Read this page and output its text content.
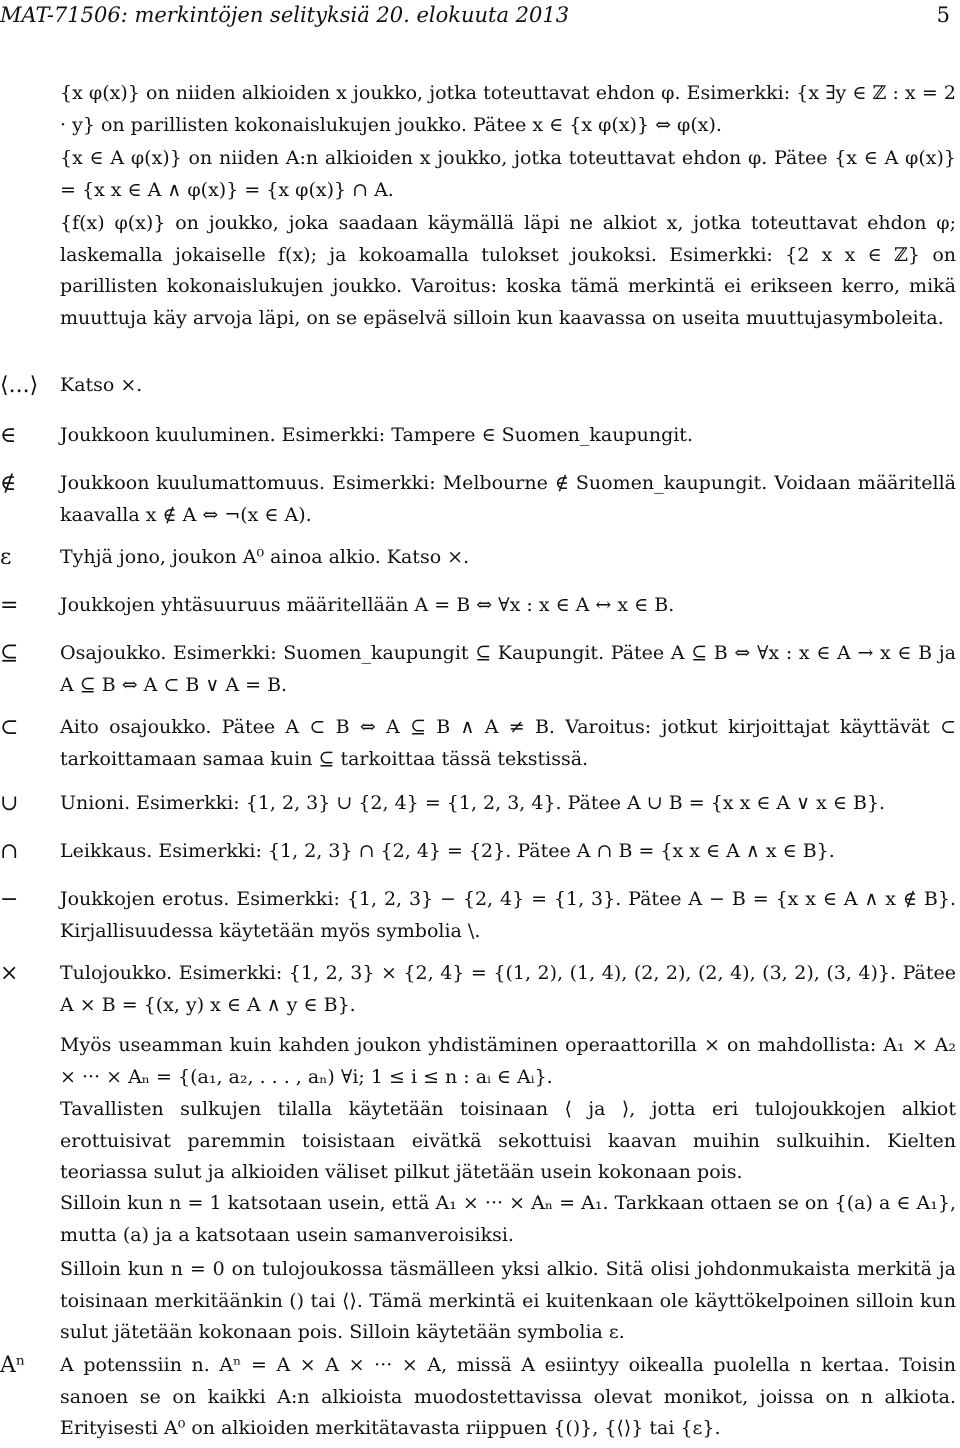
MAT-71506: merkintöjen selityksiä 20. elokuuta 2013	5
{x φ(x)} on niiden alkioiden x joukko, jotka toteuttavat ehdon φ. Esimerkki: {x ∃y ∈ ℤ : x = 2 · y} on parillisten kokonaislukujen joukko. Pätee x ∈ {x φ(x)} ⇔ φ(x).
{x ∈ A φ(x)} on niiden A:n alkioiden x joukko, jotka toteuttavat ehdon φ. Pätee {x ∈ A φ(x)} = {x x ∈ A ∧ φ(x)} = {x φ(x)} ∩ A.
{f(x) φ(x)} on joukko, joka saadaan käymällä läpi ne alkiot x, jotka toteuttavat ehdon φ; laskemalla jokaiselle f(x); ja kokoamalla tulokset joukoksi. Esimerkki: {2 x x ∈ ℤ} on parillisten kokonaislukujen joukko. Varoitus: koska tämä merkintä ei erikseen kerro, mikä muuttuja käy arvoja läpi, on se epäselvä silloin kun kaavassa on useita muuttujasymboleita.
⟨...⟩	Katso ×.
∈	Joukkoon kuuluminen. Esimerkki: Tampere ∈ Suomen_kaupungit.
∉	Joukkoon kuulumattomuus. Esimerkki: Melbourne ∉ Suomen_kaupungit. Voidaan määritellä kaavalla x ∉ A ⇔ ¬(x ∈ A).
ε	Tyhjä jono, joukon A⁰ ainoa alkio. Katso ×.
=	Joukkojen yhtäsuuruus määritellään A = B ⇔ ∀x : x ∈ A ↔ x ∈ B.
⊆	Osajoukko. Esimerkki: Suomen_kaupungit ⊆ Kaupungit. Pätee A ⊆ B ⇔ ∀x : x ∈ A → x ∈ B ja A ⊆ B ⇔ A ⊂ B ∨ A = B.
⊂	Aito osajoukko. Pätee A ⊂ B ⇔ A ⊆ B ∧ A ≠ B. Varoitus: jotkut kirjoittajat käyttävät ⊂ tarkoittamaan samaa kuin ⊆ tarkoittaa tässä tekstissä.
∪	Unioni. Esimerkki: {1, 2, 3} ∪ {2, 4} = {1, 2, 3, 4}. Pätee A ∪ B = {x x ∈ A ∨ x ∈ B}.
∩	Leikkaus. Esimerkki: {1, 2, 3} ∩ {2, 4} = {2}. Pätee A ∩ B = {x x ∈ A ∧ x ∈ B}.
−	Joukkojen erotus. Esimerkki: {1, 2, 3} − {2, 4} = {1, 3}. Pätee A − B = {x x ∈ A ∧ x ∉ B}. Kirjallisuudessa käytetään myös symbolia \.
×	Tulojoukko. Esimerkki: {1, 2, 3} × {2, 4} = {(1, 2), (1, 4), (2, 2), (2, 4), (3, 2), (3, 4)}. Pätee A × B = {(x, y) x ∈ A ∧ y ∈ B}.
Myös useamman kuin kahden joukon yhdistäminen operaattorilla × on mahdollista: A₁ × A₂ × ··· × Aₙ = {(a₁, a₂, . . . , aₙ) ∀i; 1 ≤ i ≤ n : aᵢ ∈ Aᵢ}.
Tavallisten sulkujen tilalla käytetään toisinaan ⟨ ja ⟩, jotta eri tulojoukkojen alkiot erottuisivat paremmin toisistaan eivätkä sekottuisi kaavan muihin sulkuihin. Kielten teoriassa sulut ja alkioiden väliset pilkut jätetään usein kokonaan pois.
Silloin kun n = 1 katsotaan usein, että A₁ × ··· × Aₙ = A₁. Tarkkaan ottaen se on {(a) a ∈ A₁}, mutta (a) ja a katsotaan usein samanveroisiksi.
Silloin kun n = 0 on tulojoukossa täsmälleen yksi alkio. Sitä olisi johdonmukaista merkitä ja toisinaan merkitäänkin () tai ⟨⟩. Tämä merkintä ei kuitenkaan ole käyttökelpoinen silloin kun sulut jätetään kokonaan pois. Silloin käytetään symbolia ε.
Aⁿ	A potenssiin n. Aⁿ = A × A × ··· × A, missä A esiintyy oikealla puolella n kertaa. Toisin sanoen se on kaikki A:n alkioista muodostettavissa olevat monikot, joissa on n alkiota. Erityisesti A⁰ on alkioiden merkitätavasta riippuen {()}, {⟨⟩} tai {ε}.
